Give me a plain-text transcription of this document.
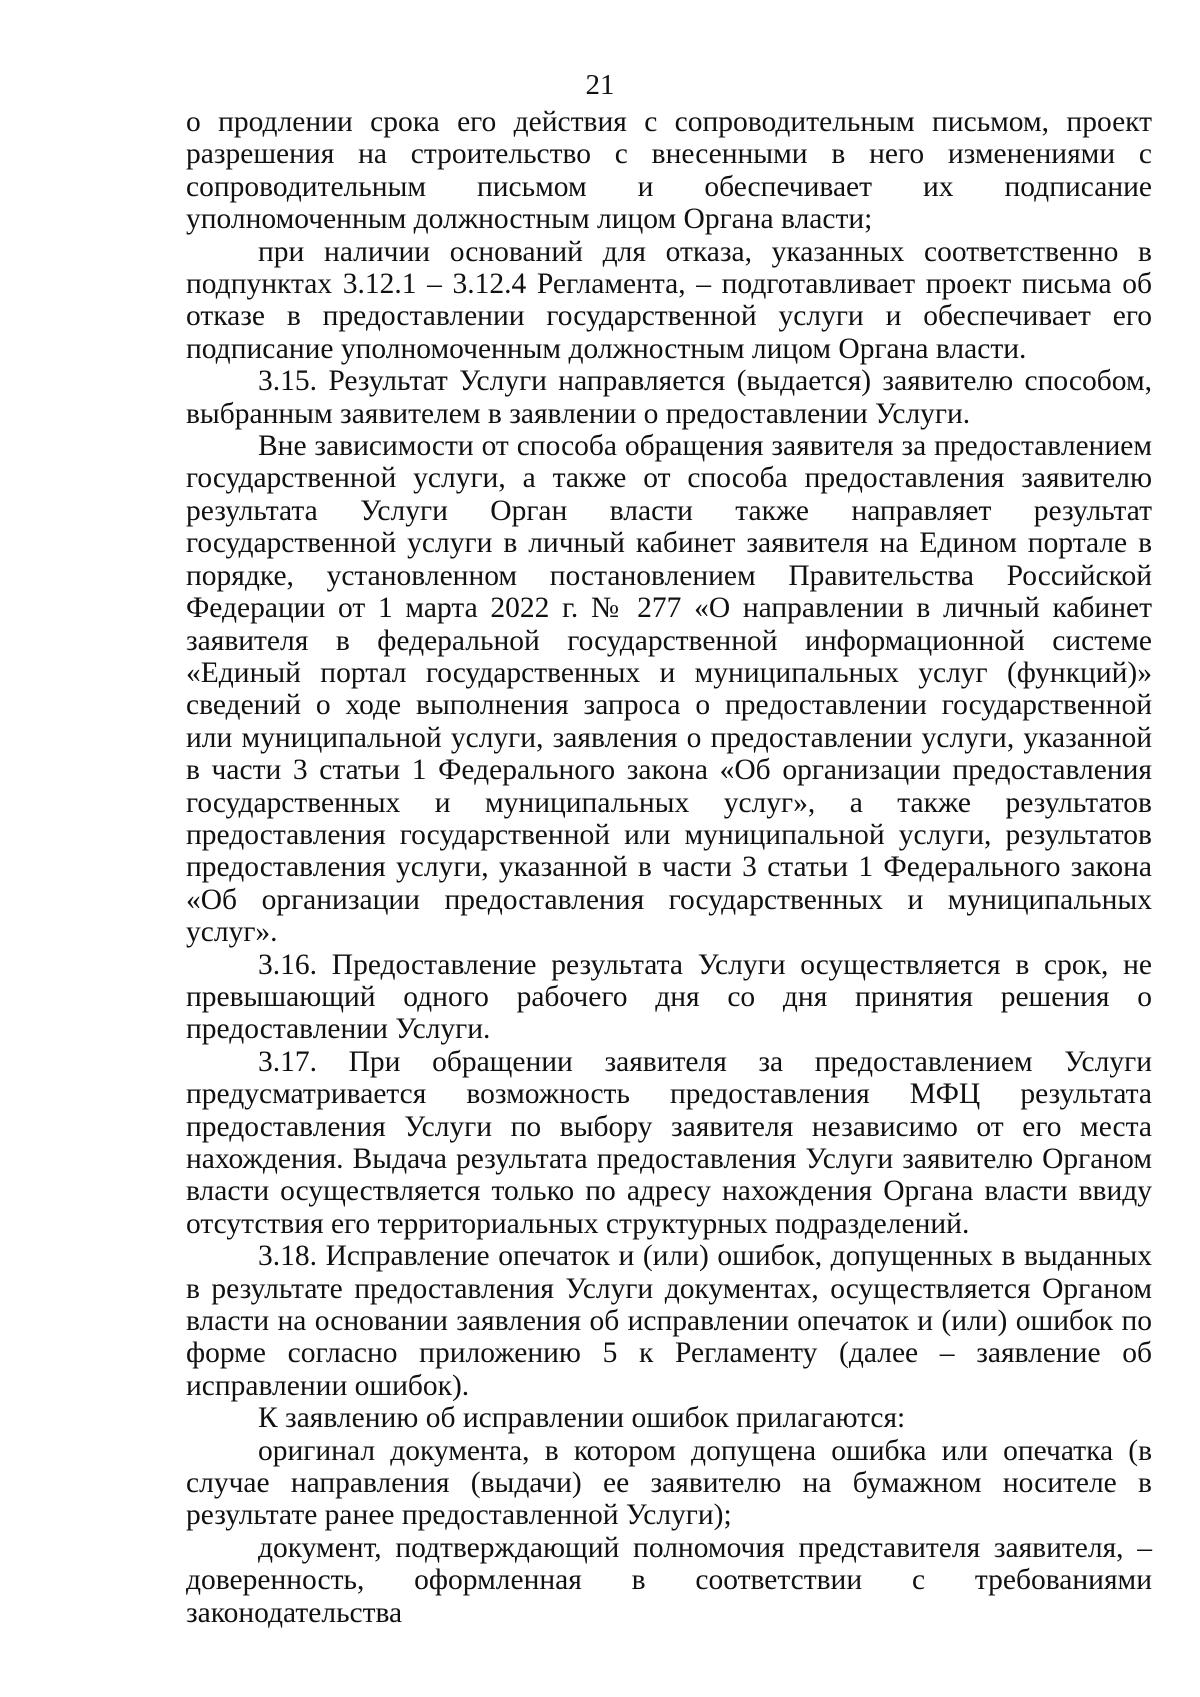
21

о продлении срока его действия с сопроводительным письмом, проект разрешения на строительство с внесенными в него изменениями с сопроводительным письмом и обеспечивает их подписание уполномоченным должностным лицом Органа власти;

при наличии оснований для отказа, указанных соответственно в подпунктах 3.12.1 – 3.12.4 Регламента, – подготавливает проект письма об отказе в предоставлении государственной услуги и обеспечивает его подписание уполномоченным должностным лицом Органа власти.

3.15. Результат Услуги направляется (выдается) заявителю способом, выбранным заявителем в заявлении о предоставлении Услуги.

Вне зависимости от способа обращения заявителя за предоставлением государственной услуги, а также от способа предоставления заявителю результата Услуги Орган власти также направляет результат государственной услуги в личный кабинет заявителя на Едином портале в порядке, установленном постановлением Правительства Российской Федерации от 1 марта 2022 г. № 277 «О направлении в личный кабинет заявителя в федеральной государственной информационной системе «Единый портал государственных и муниципальных услуг (функций)» сведений о ходе выполнения запроса о предоставлении государственной или муниципальной услуги, заявления о предоставлении услуги, указанной в части 3 статьи 1 Федерального закона «Об организации предоставления государственных и муниципальных услуг», а также результатов предоставления государственной или муниципальной услуги, результатов предоставления услуги, указанной в части 3 статьи 1 Федерального закона «Об организации предоставления государственных и муниципальных услуг».

3.16. Предоставление результата Услуги осуществляется в срок, не превышающий одного рабочего дня со дня принятия решения о предоставлении Услуги.

3.17. При обращении заявителя за предоставлением Услуги предусматривается возможность предоставления МФЦ результата предоставления Услуги по выбору заявителя независимо от его места нахождения. Выдача результата предоставления Услуги заявителю Органом власти осуществляется только по адресу нахождения Органа власти ввиду отсутствия его территориальных структурных подразделений.

3.18. Исправление опечаток и (или) ошибок, допущенных в выданных в результате предоставления Услуги документах, осуществляется Органом власти на основании заявления об исправлении опечаток и (или) ошибок по форме согласно приложению 5 к Регламенту (далее – заявление об исправлении ошибок).

К заявлению об исправлении ошибок прилагаются:

оригинал документа, в котором допущена ошибка или опечатка (в случае направления (выдачи) ее заявителю на бумажном носителе в результате ранее предоставленной Услуги);

документ, подтверждающий полномочия представителя заявителя, – доверенность, оформленная в соответствии с требованиями законодательства
